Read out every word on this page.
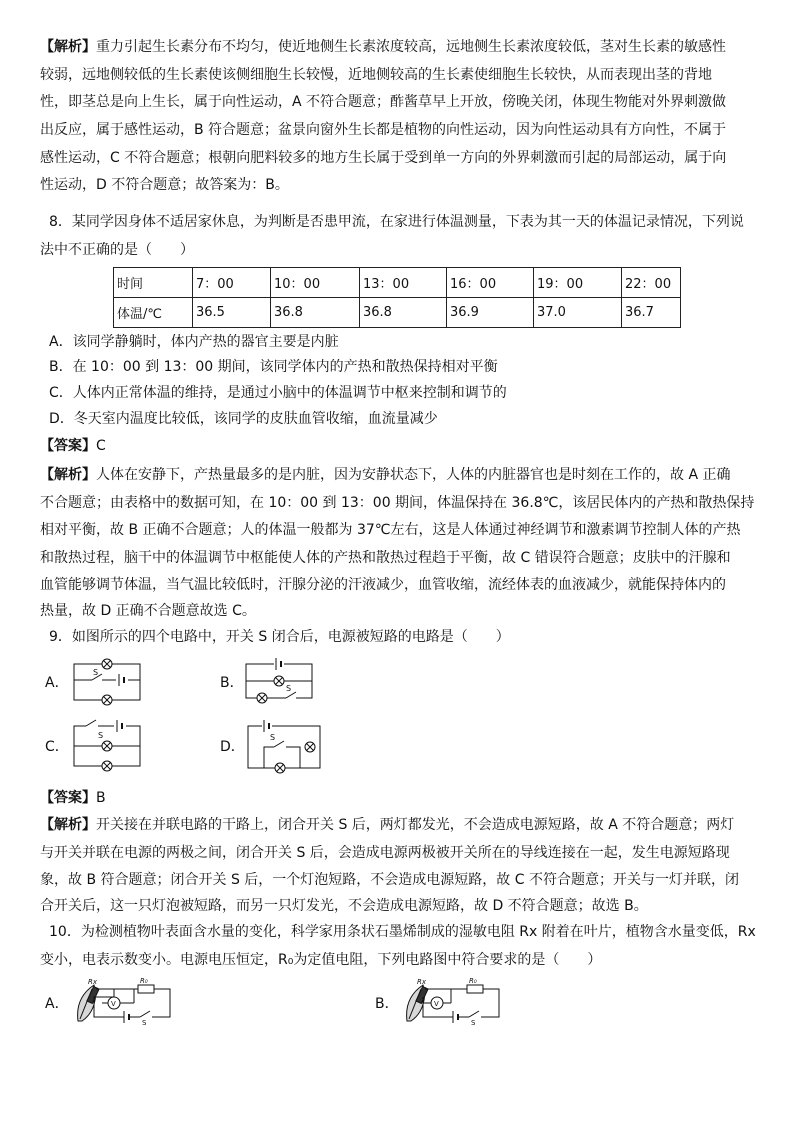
【解析】重力引起生长素分布不均匀，使近地侧生长素浓度较高，远地侧生长素浓度较低，茎对生长素的敏感性
较弱，远地侧较低的生长素使该侧细胞生长较慢，近地侧较高的生长素使细胞生长较快，从而表现出茎的背地
性，即茎总是向上生长，属于向性运动，A 不符合题意；酢酱草早上开放，傍晚关闭，体现生物能对外界刺激做
出反应，属于感性运动，B 符合题意；盆景向窗外生长都是植物的向性运动，因为向性运动具有方向性，不属于
感性运动，C 不符合题意；根朝向肥料较多的地方生长属于受到单一方向的外界刺激而引起的局部运动，属于向
性运动，D 不符合题意；故答案为：B。
8．某同学因身体不适居家休息，为判断是否患甲流，在家进行体温测量，下表为其一天的体温记录情况，下列说
法中不正确的是（　　）
时间	7：00	10：00	13：00	16：00	19：00	22：00
体温/℃	36.5	36.8	36.8	36.9	37.0	36.7
A．该同学静躺时，体内产热的器官主要是内脏
B．在 10：00 到 13：00 期间，该同学体内的产热和散热保持相对平衡
C．人体内正常体温的维持，是通过小脑中的体温调节中枢来控制和调节的
D．冬天室内温度比较低，该同学的皮肤血管收缩，血流量减少
【答案】C
【解析】人体在安静下，产热量最多的是内脏，因为安静状态下，人体的内脏器官也是时刻在工作的，故 A 正确
不合题意；由表格中的数据可知，在 10：00 到 13：00 期间，体温保持在 36.8℃，该居民体内的产热和散热保持
相对平衡，故 B 正确不合题意；人的体温一般都为 37℃左右，这是人体通过神经调节和激素调节控制人体的产热
和散热过程，脑干中的体温调节中枢能使人体的产热和散热过程趋于平衡，故 C 错误符合题意；皮肤中的汗腺和
血管能够调节体温，当气温比较低时，汗腺分泌的汗液减少，血管收缩，流经体表的血液减少，就能保持体内的
热量，故 D 正确不合题意故选 C。
9．如图所示的四个电路中，开关 S 闭合后，电源被短路的电路是（　　）
A．
S
B．	S
C．
S
D．
S
【答案】B
【解析】开关接在并联电路的干路上，闭合开关 S 后，两灯都发光，不会造成电源短路，故 A 不符合题意；两灯
与开关并联在电源的两极之间，闭合开关 S 后，会造成电源两极被开关所在的导线连接在一起，发生电源短路现
象，故 B 符合题意；闭合开关 S 后，一个灯泡短路，不会造成电源短路，故 C 不符合题意；开关与一灯并联，闭
合开关后，这一只灯泡被短路，而另一只灯发光，不会造成电源短路，故 D 不符合题意；故选 B。
10．为检测植物叶表面含水量的变化，科学家用条状石墨烯制成的湿敏电阻 Rx 附着在叶片，植物含水量变低，Rx
变小，电表示数变小。电源电压恒定，R₀为定值电阻，下列电路图中符合要求的是（　　）
A．
Rx	R₀
V
S
B．
Rx	R₀
V
S
